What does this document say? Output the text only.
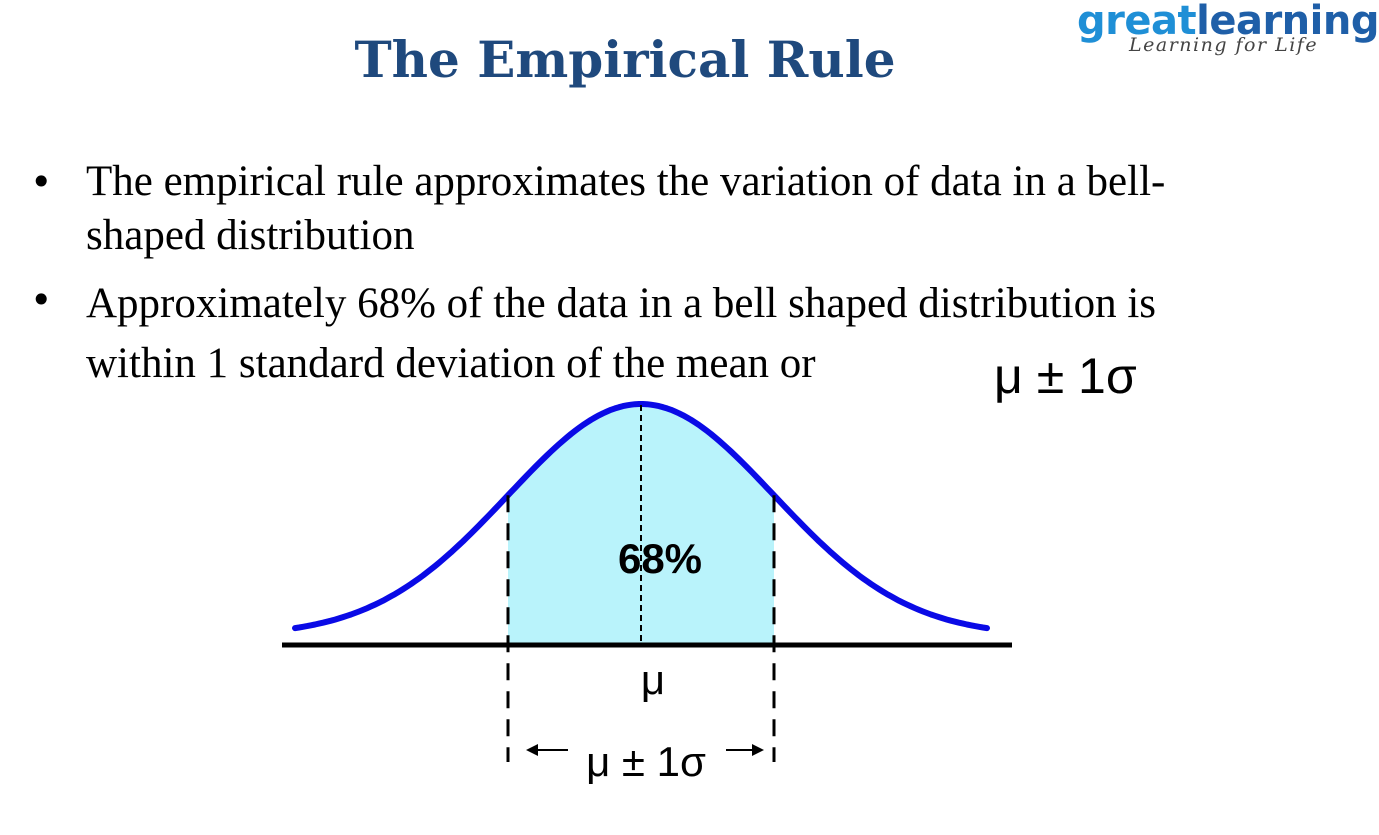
greatlearning
Learning for Life
The Empirical Rule
• The empirical rule approximates the variation of data in a bell-shaped distribution
• Approximately 68% of the data in a bell shaped distribution is within 1 standard deviation of the mean or	μ ± 1σ
68%
μ
μ ± 1σ
